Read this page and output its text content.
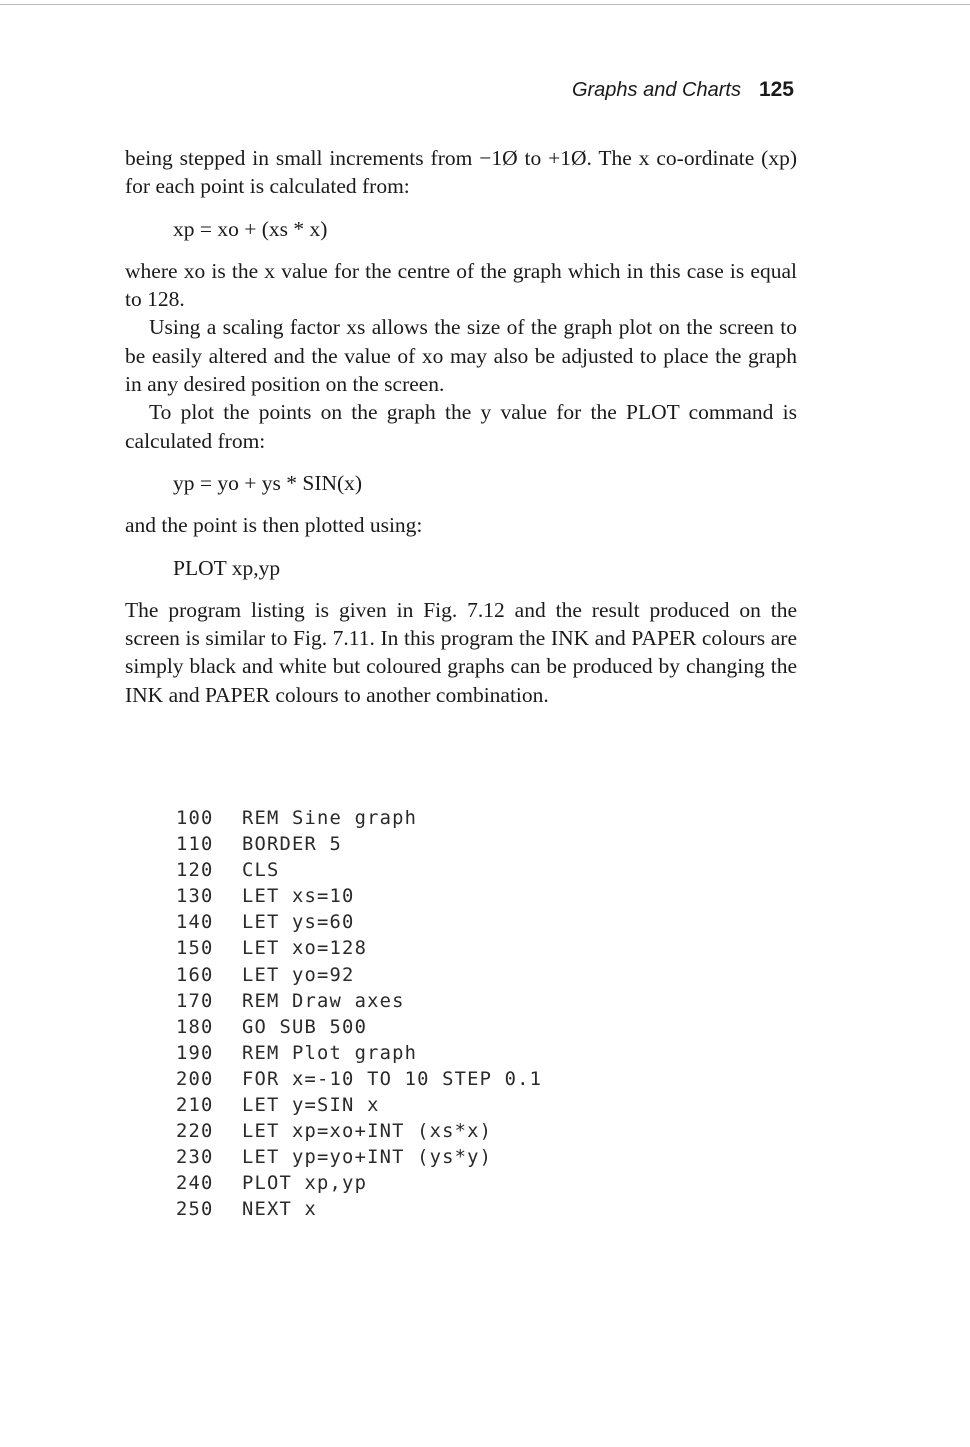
Graphs and Charts 125

being stepped in small increments from −1Ø to +1Ø. The x co-ordinate (xp) for each point is calculated from:

xp = xo + (xs * x)

where xo is the x value for the centre of the graph which in this case is equal to 128.

Using a scaling factor xs allows the size of the graph plot on the screen to be easily altered and the value of xo may also be adjusted to place the graph in any desired position on the screen.

To plot the points on the graph the y value for the PLOT command is calculated from:

yp = yo + ys * SIN(x)

and the point is then plotted using:

PLOT xp,yp

The program listing is given in Fig. 7.12 and the result produced on the screen is similar to Fig. 7.11. In this program the INK and PAPER colours are simply black and white but coloured graphs can be produced by changing the INK and PAPER colours to another combination.

100 REM Sine graph
110 BORDER 5
120 CLS
130 LET xs=10
140 LET ys=60
150 LET xo=128
160 LET yo=92
170 REM Draw axes
180 GO SUB 500
190 REM Plot graph
200 FOR x=-10 TO 10 STEP 0.1
210 LET y=SIN x
220 LET xp=xo+INT (xs*x)
230 LET yp=yo+INT (ys*y)
240 PLOT xp,yp
250 NEXT x
